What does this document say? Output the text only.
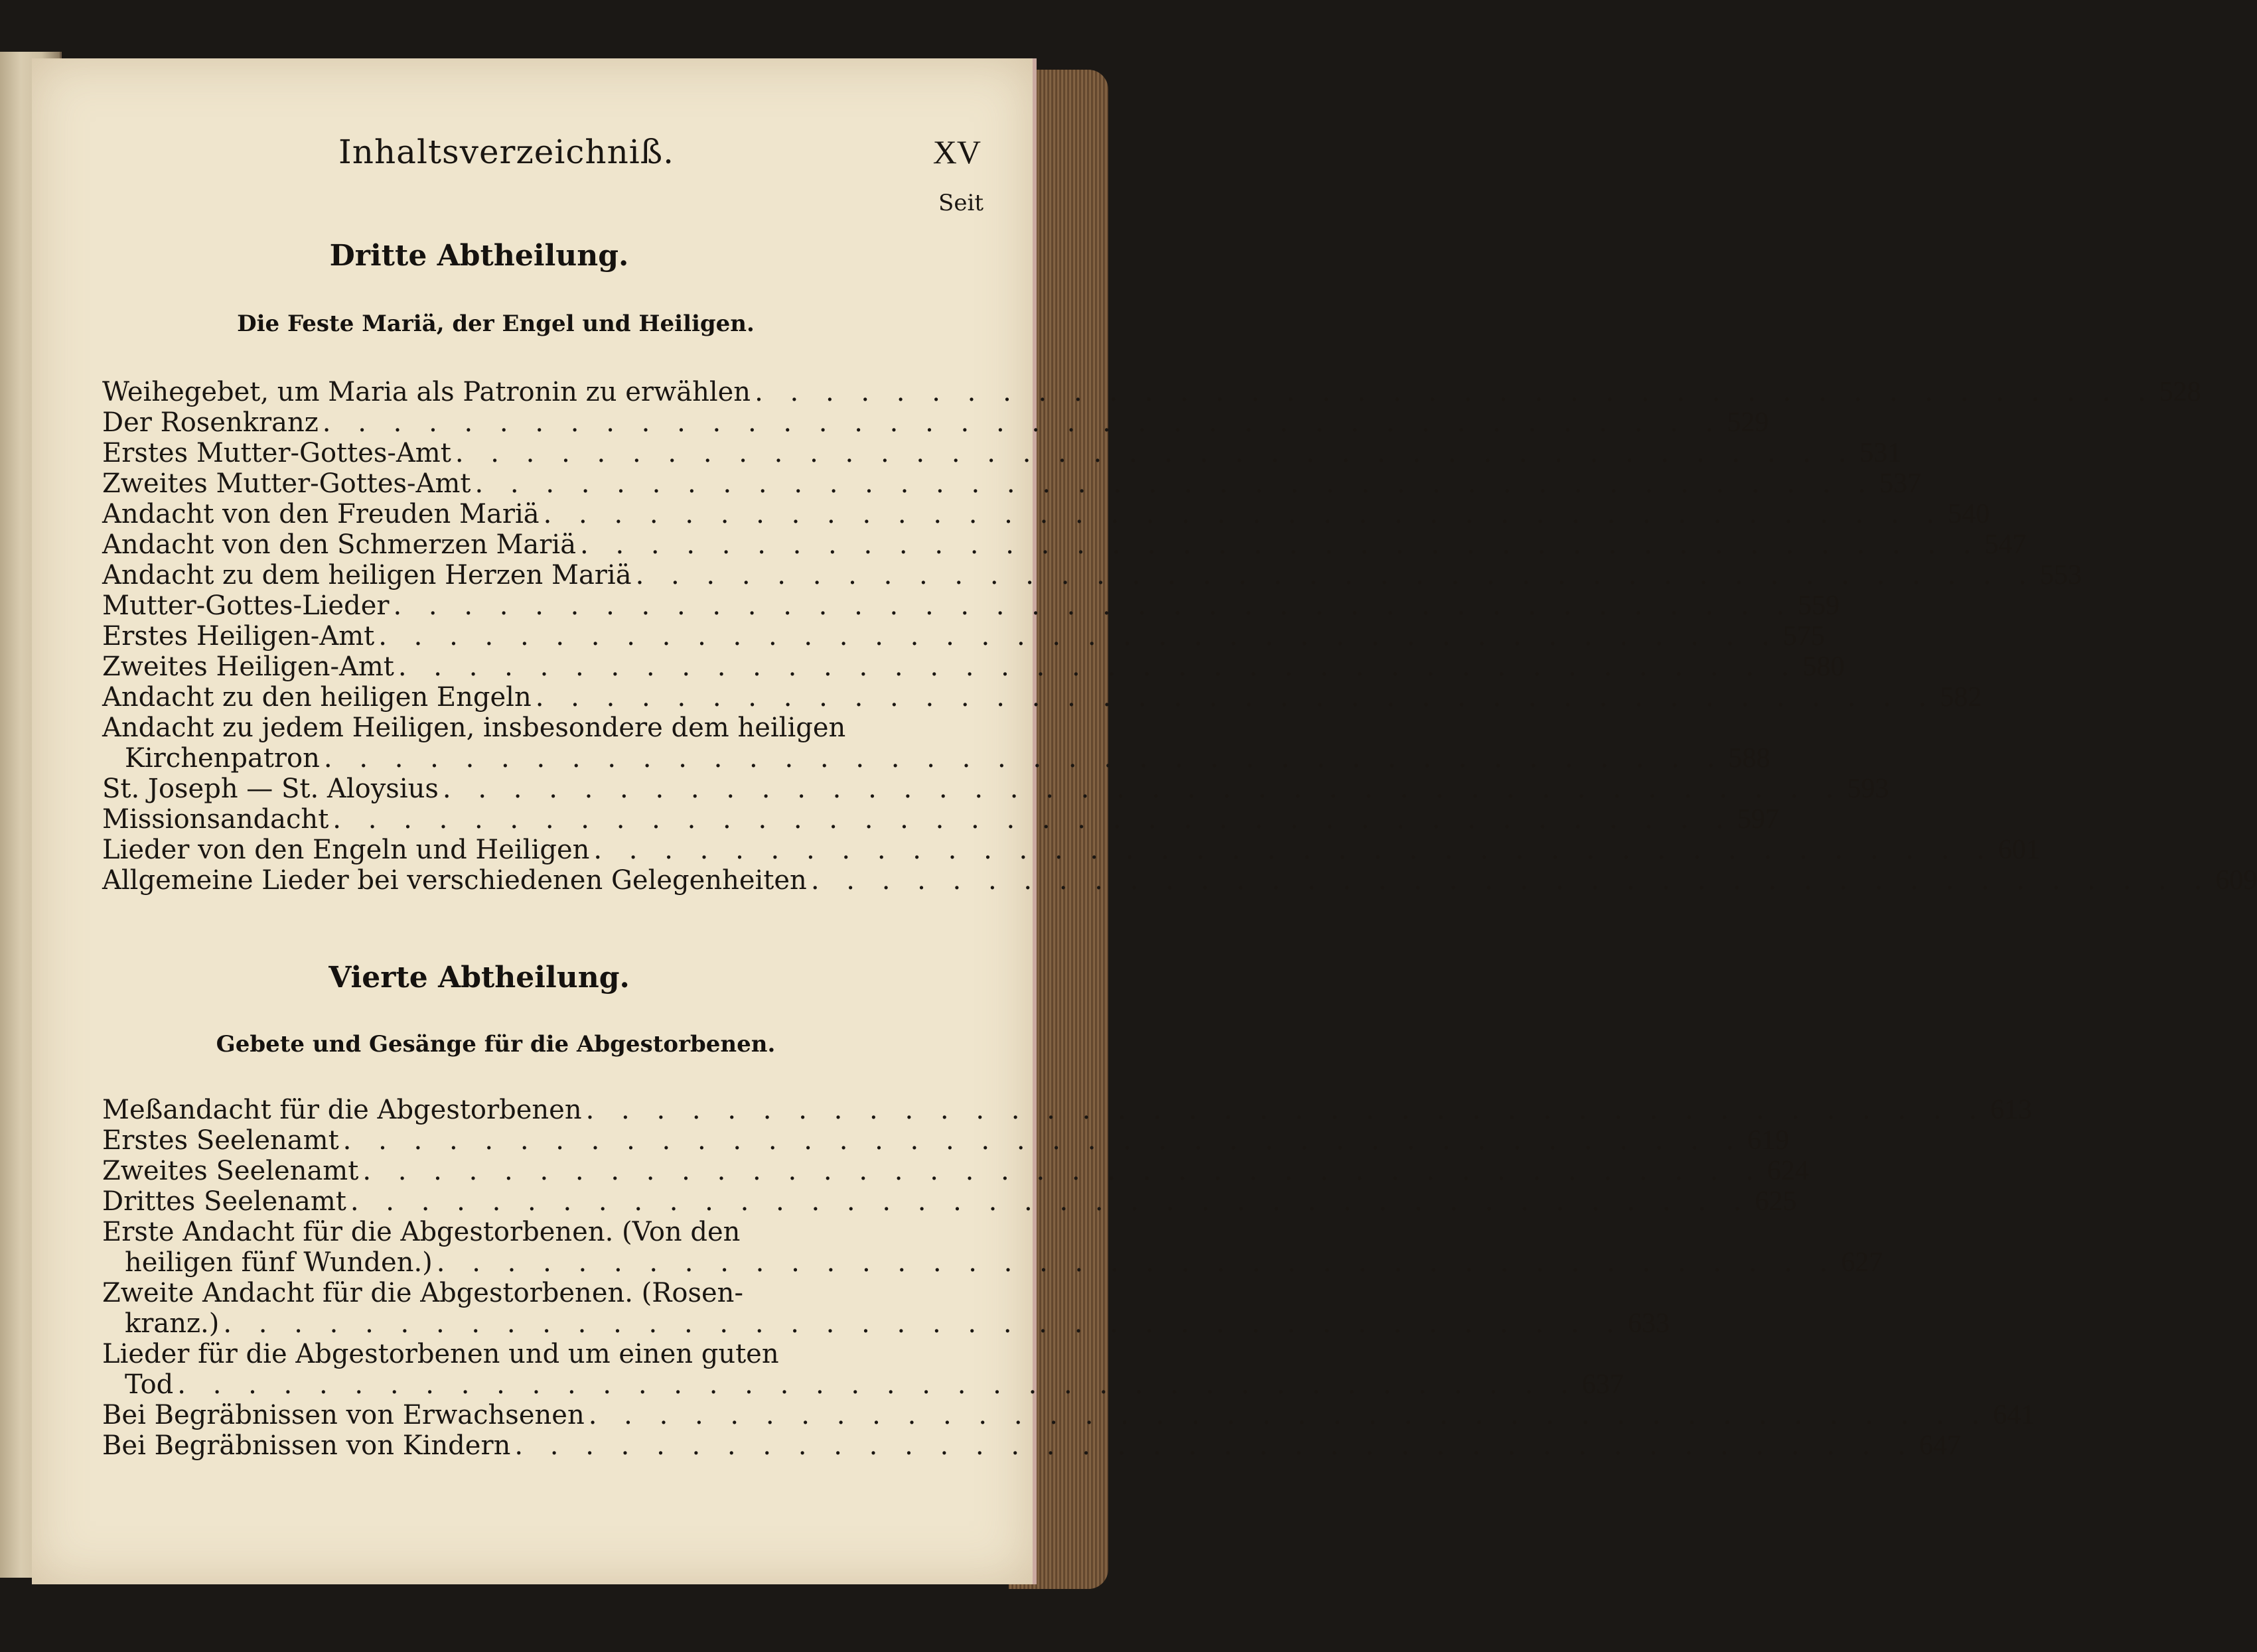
Inhaltsverzeichniß.	XV
Seit
Dritte Abtheilung.
Die Feste Mariä, der Engel und Heiligen.
Weihegebet, um Maria als Patronin zu erwählen . . . . . . . . . . . . . . . . . . . . . . . . . . . . . . . . . . . . . . . . 528
Der Rosenkranz . . . . . . . . . . . . . . . . . . . . . . . . . . . . . . . . . . . . . . . . 529
Erstes Mutter-Gottes-Amt . . . . . . . . . . . . . . . . . . . . . . . . . . . . . . . . . . . . . . . . 531
Zweites Mutter-Gottes-Amt . . . . . . . . . . . . . . . . . . . . . . . . . . . . . . . . . . . . . . . . 537
Andacht von den Freuden Mariä . . . . . . . . . . . . . . . . . . . . . . . . . . . . . . . . . . . . . . . . 540
Andacht von den Schmerzen Mariä . . . . . . . . . . . . . . . . . . . . . . . . . . . . . . . . . . . . . . . . 547
Andacht zu dem heiligen Herzen Mariä . . . . . . . . . . . . . . . . . . . . . . . . . . . . . . . . . . . . . . . . 553
Mutter-Gottes-Lieder . . . . . . . . . . . . . . . . . . . . . . . . . . . . . . . . . . . . . . . . 559
Erstes Heiligen-Amt . . . . . . . . . . . . . . . . . . . . . . . . . . . . . . . . . . . . . . . . 575
Zweites Heiligen-Amt . . . . . . . . . . . . . . . . . . . . . . . . . . . . . . . . . . . . . . . . 580
Andacht zu den heiligen Engeln . . . . . . . . . . . . . . . . . . . . . . . . . . . . . . . . . . . . . . . . 582
Andacht zu jedem Heiligen, insbesondere dem heiligen
Kirchenpatron . . . . . . . . . . . . . . . . . . . . . . . . . . . . . . . . . . . . . . . . 588
St. Joseph — St. Aloysius . . . . . . . . . . . . . . . . . . . . . . . . . . . . . . . . . . . . . . . . 593
Missionsandacht . . . . . . . . . . . . . . . . . . . . . . . . . . . . . . . . . . . . . . . . 597
Lieder von den Engeln und Heiligen . . . . . . . . . . . . . . . . . . . . . . . . . . . . . . . . . . . . . . . . 601
Allgemeine Lieder bei verschiedenen Gelegenheiten . . . . . . . . . . . . . . . . . . . . . . . . . . . . . . . . . . . . . . . . 609
Vierte Abtheilung.
Gebete und Gesänge für die Abgestorbenen.
Meßandacht für die Abgestorbenen . . . . . . . . . . . . . . . . . . . . . . . . . . . . . . . . . . . . . . . . 613
Erstes Seelenamt . . . . . . . . . . . . . . . . . . . . . . . . . . . . . . . . . . . . . . . . 619
Zweites Seelenamt . . . . . . . . . . . . . . . . . . . . . . . . . . . . . . . . . . . . . . . . 624
Drittes Seelenamt . . . . . . . . . . . . . . . . . . . . . . . . . . . . . . . . . . . . . . . . 625
Erste Andacht für die Abgestorbenen. (Von den
heiligen fünf Wunden.) . . . . . . . . . . . . . . . . . . . . . . . . . . . . . . . . . . . . . . . . 627
Zweite Andacht für die Abgestorbenen. (Rosen-
kranz.) . . . . . . . . . . . . . . . . . . . . . . . . . . . . . . . . . . . . . . . . 633
Lieder für die Abgestorbenen und um einen guten
Tod . . . . . . . . . . . . . . . . . . . . . . . . . . . . . . . . . . . . . . . . 637
Bei Begräbnissen von Erwachsenen . . . . . . . . . . . . . . . . . . . . . . . . . . . . . . . . . . . . . . . . 641
Bei Begräbnissen von Kindern . . . . . . . . . . . . . . . . . . . . . . . . . . . . . . . . . . . . . . . . 647
